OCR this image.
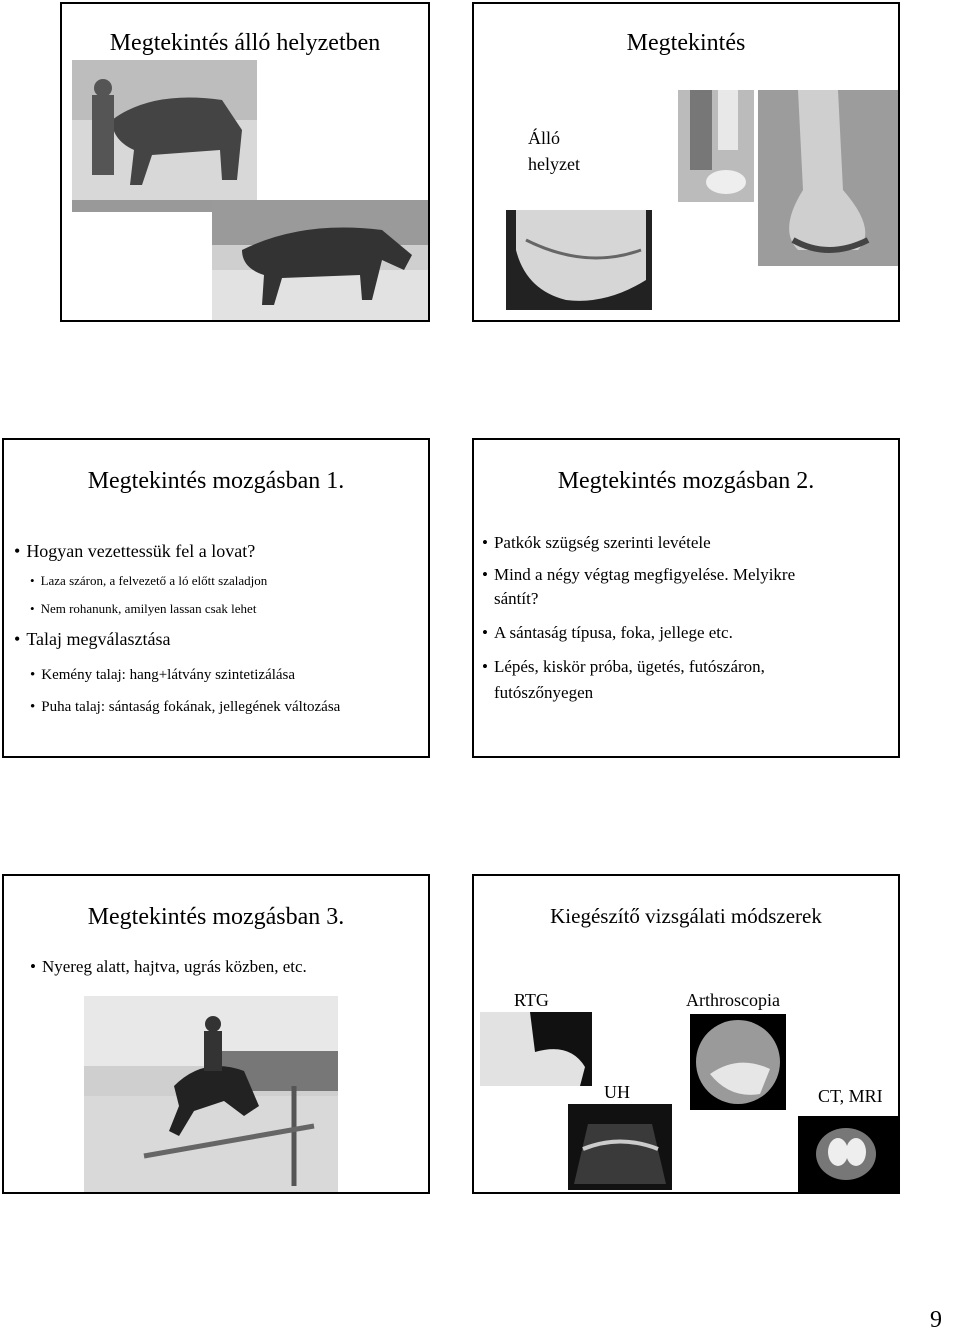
Megtekintés álló helyzetben	Megtekintés
Álló
helyzet
Megtekintés mozgásban 1.
• Hogyan vezettessük fel a lovat?
• Laza száron, a felvezető a ló előtt szaladjon
• Nem rohanunk, amilyen lassan csak lehet
• Talaj megválasztása
• Kemény talaj: hang+látvány szintetizálása
• Puha talaj: sántaság fokának, jellegének változása
Megtekintés mozgásban 2.
• Patkók szügség szerinti levétele
• Mind a négy végtag megfigyelése. Melyikre
sántít?
• A sántaság típusa, foka, jellege etc.
• Lépés, kiskör próba, ügetés, futószáron,
futószőnyegen
Megtekintés mozgásban 3.
• Nyereg alatt, hajtva, ugrás közben, etc.
Kiegészítő vizsgálati módszerek
RTG	Arthroscopia
UH	CT, MRI
9
